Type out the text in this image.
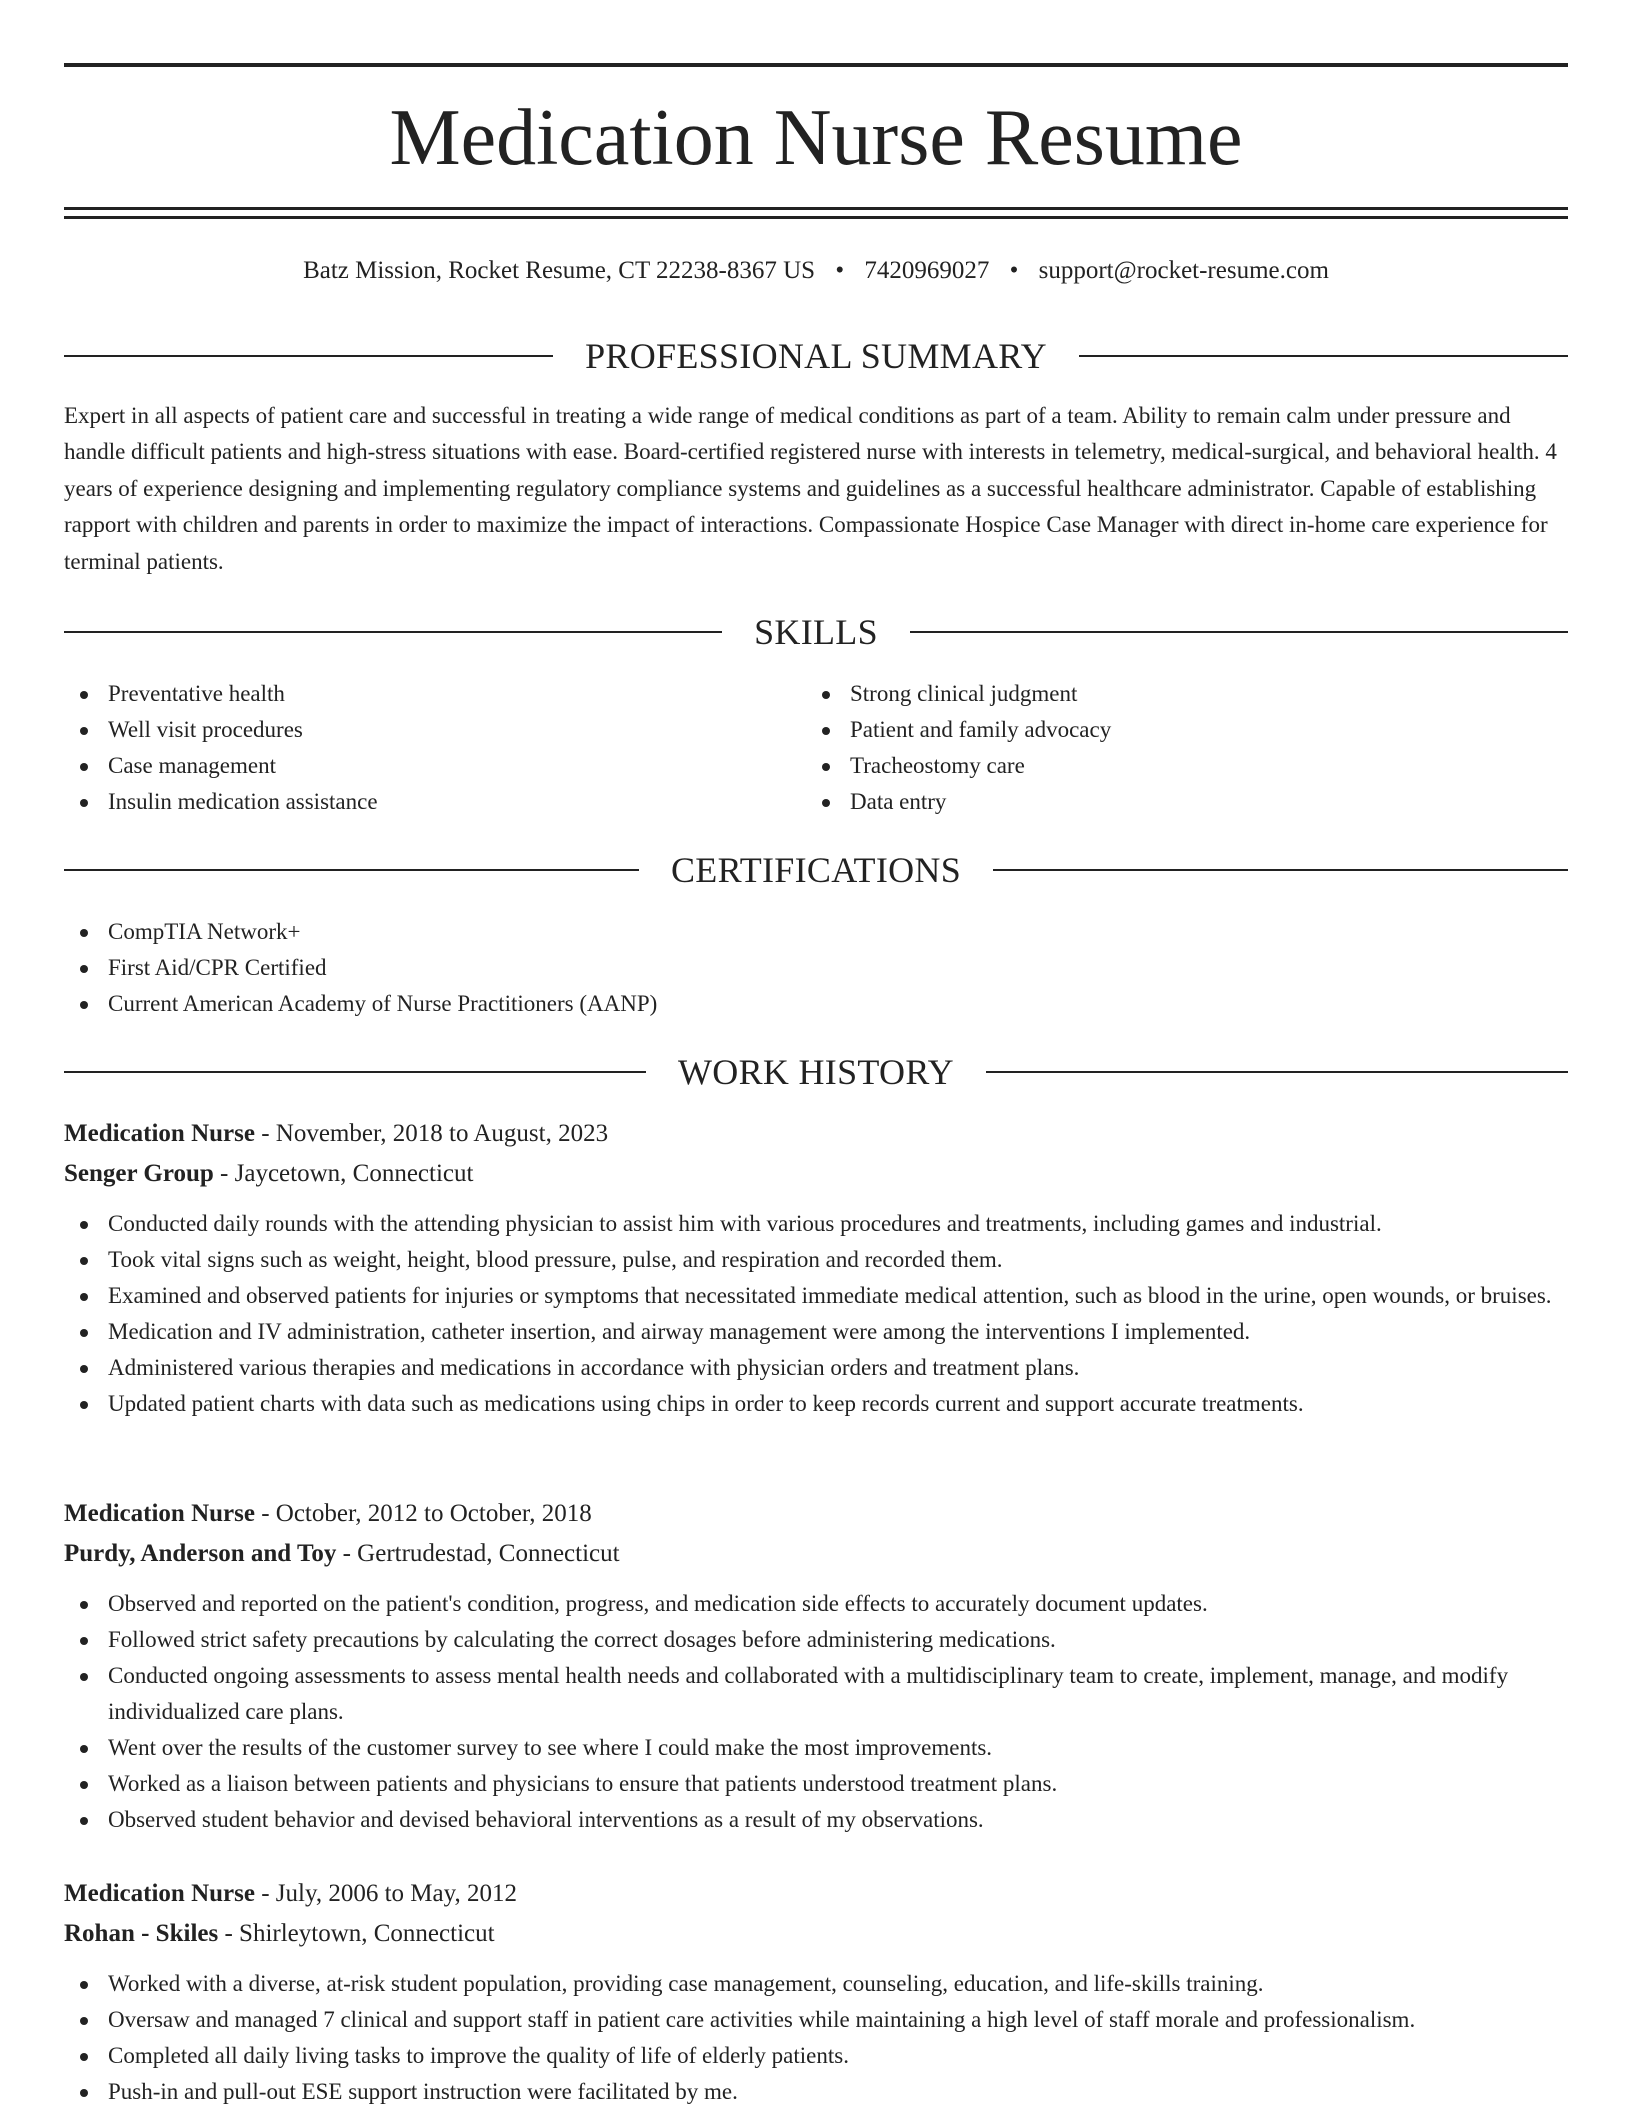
Medication Nurse Resume
Batz Mission, Rocket Resume, CT 22238-8367 US • 7420969027 • support@rocket-resume.com
PROFESSIONAL SUMMARY

Expert in all aspects of patient care and successful in treating a wide range of medical conditions as part of a team. Ability to remain calm under pressure and handle difficult patients and high-stress situations with ease. Board-certified registered nurse with interests in telemetry, medical-surgical, and behavioral health. 4 years of experience designing and implementing regulatory compliance systems and guidelines as a successful healthcare administrator. Capable of establishing rapport with children and parents in order to maximize the impact of interactions. Compassionate Hospice Case Manager with direct in-home care experience for terminal patients.

SKILLS
Preventative health
Well visit procedures
Case management
Insulin medication assistance
Strong clinical judgment
Patient and family advocacy
Tracheostomy care
Data entry
CERTIFICATIONS
CompTIA Network+
First Aid/CPR Certified
Current American Academy of Nurse Practitioners (AANP)
WORK HISTORY
Medication Nurse - November, 2018 to August, 2023
Senger Group - Jaycetown, Connecticut
Conducted daily rounds with the attending physician to assist him with various procedures and treatments, including games and industrial.
Took vital signs such as weight, height, blood pressure, pulse, and respiration and recorded them.
Examined and observed patients for injuries or symptoms that necessitated immediate medical attention, such as blood in the urine, open wounds, or bruises.
Medication and IV administration, catheter insertion, and airway management were among the interventions I implemented.
Administered various therapies and medications in accordance with physician orders and treatment plans.
Updated patient charts with data such as medications using chips in order to keep records current and support accurate treatments.
Medication Nurse - October, 2012 to October, 2018
Purdy, Anderson and Toy - Gertrudestad, Connecticut
Observed and reported on the patient's condition, progress, and medication side effects to accurately document updates.
Followed strict safety precautions by calculating the correct dosages before administering medications.
Conducted ongoing assessments to assess mental health needs and collaborated with a multidisciplinary team to create, implement, manage, and modify individualized care plans.
Went over the results of the customer survey to see where I could make the most improvements.
Worked as a liaison between patients and physicians to ensure that patients understood treatment plans.
Observed student behavior and devised behavioral interventions as a result of my observations.
Medication Nurse - July, 2006 to May, 2012
Rohan - Skiles - Shirleytown, Connecticut
Worked with a diverse, at-risk student population, providing case management, counseling, education, and life-skills training.
Oversaw and managed 7 clinical and support staff in patient care activities while maintaining a high level of staff morale and professionalism.
Completed all daily living tasks to improve the quality of life of elderly patients.
Push-in and pull-out ESE support instruction were facilitated by me.
